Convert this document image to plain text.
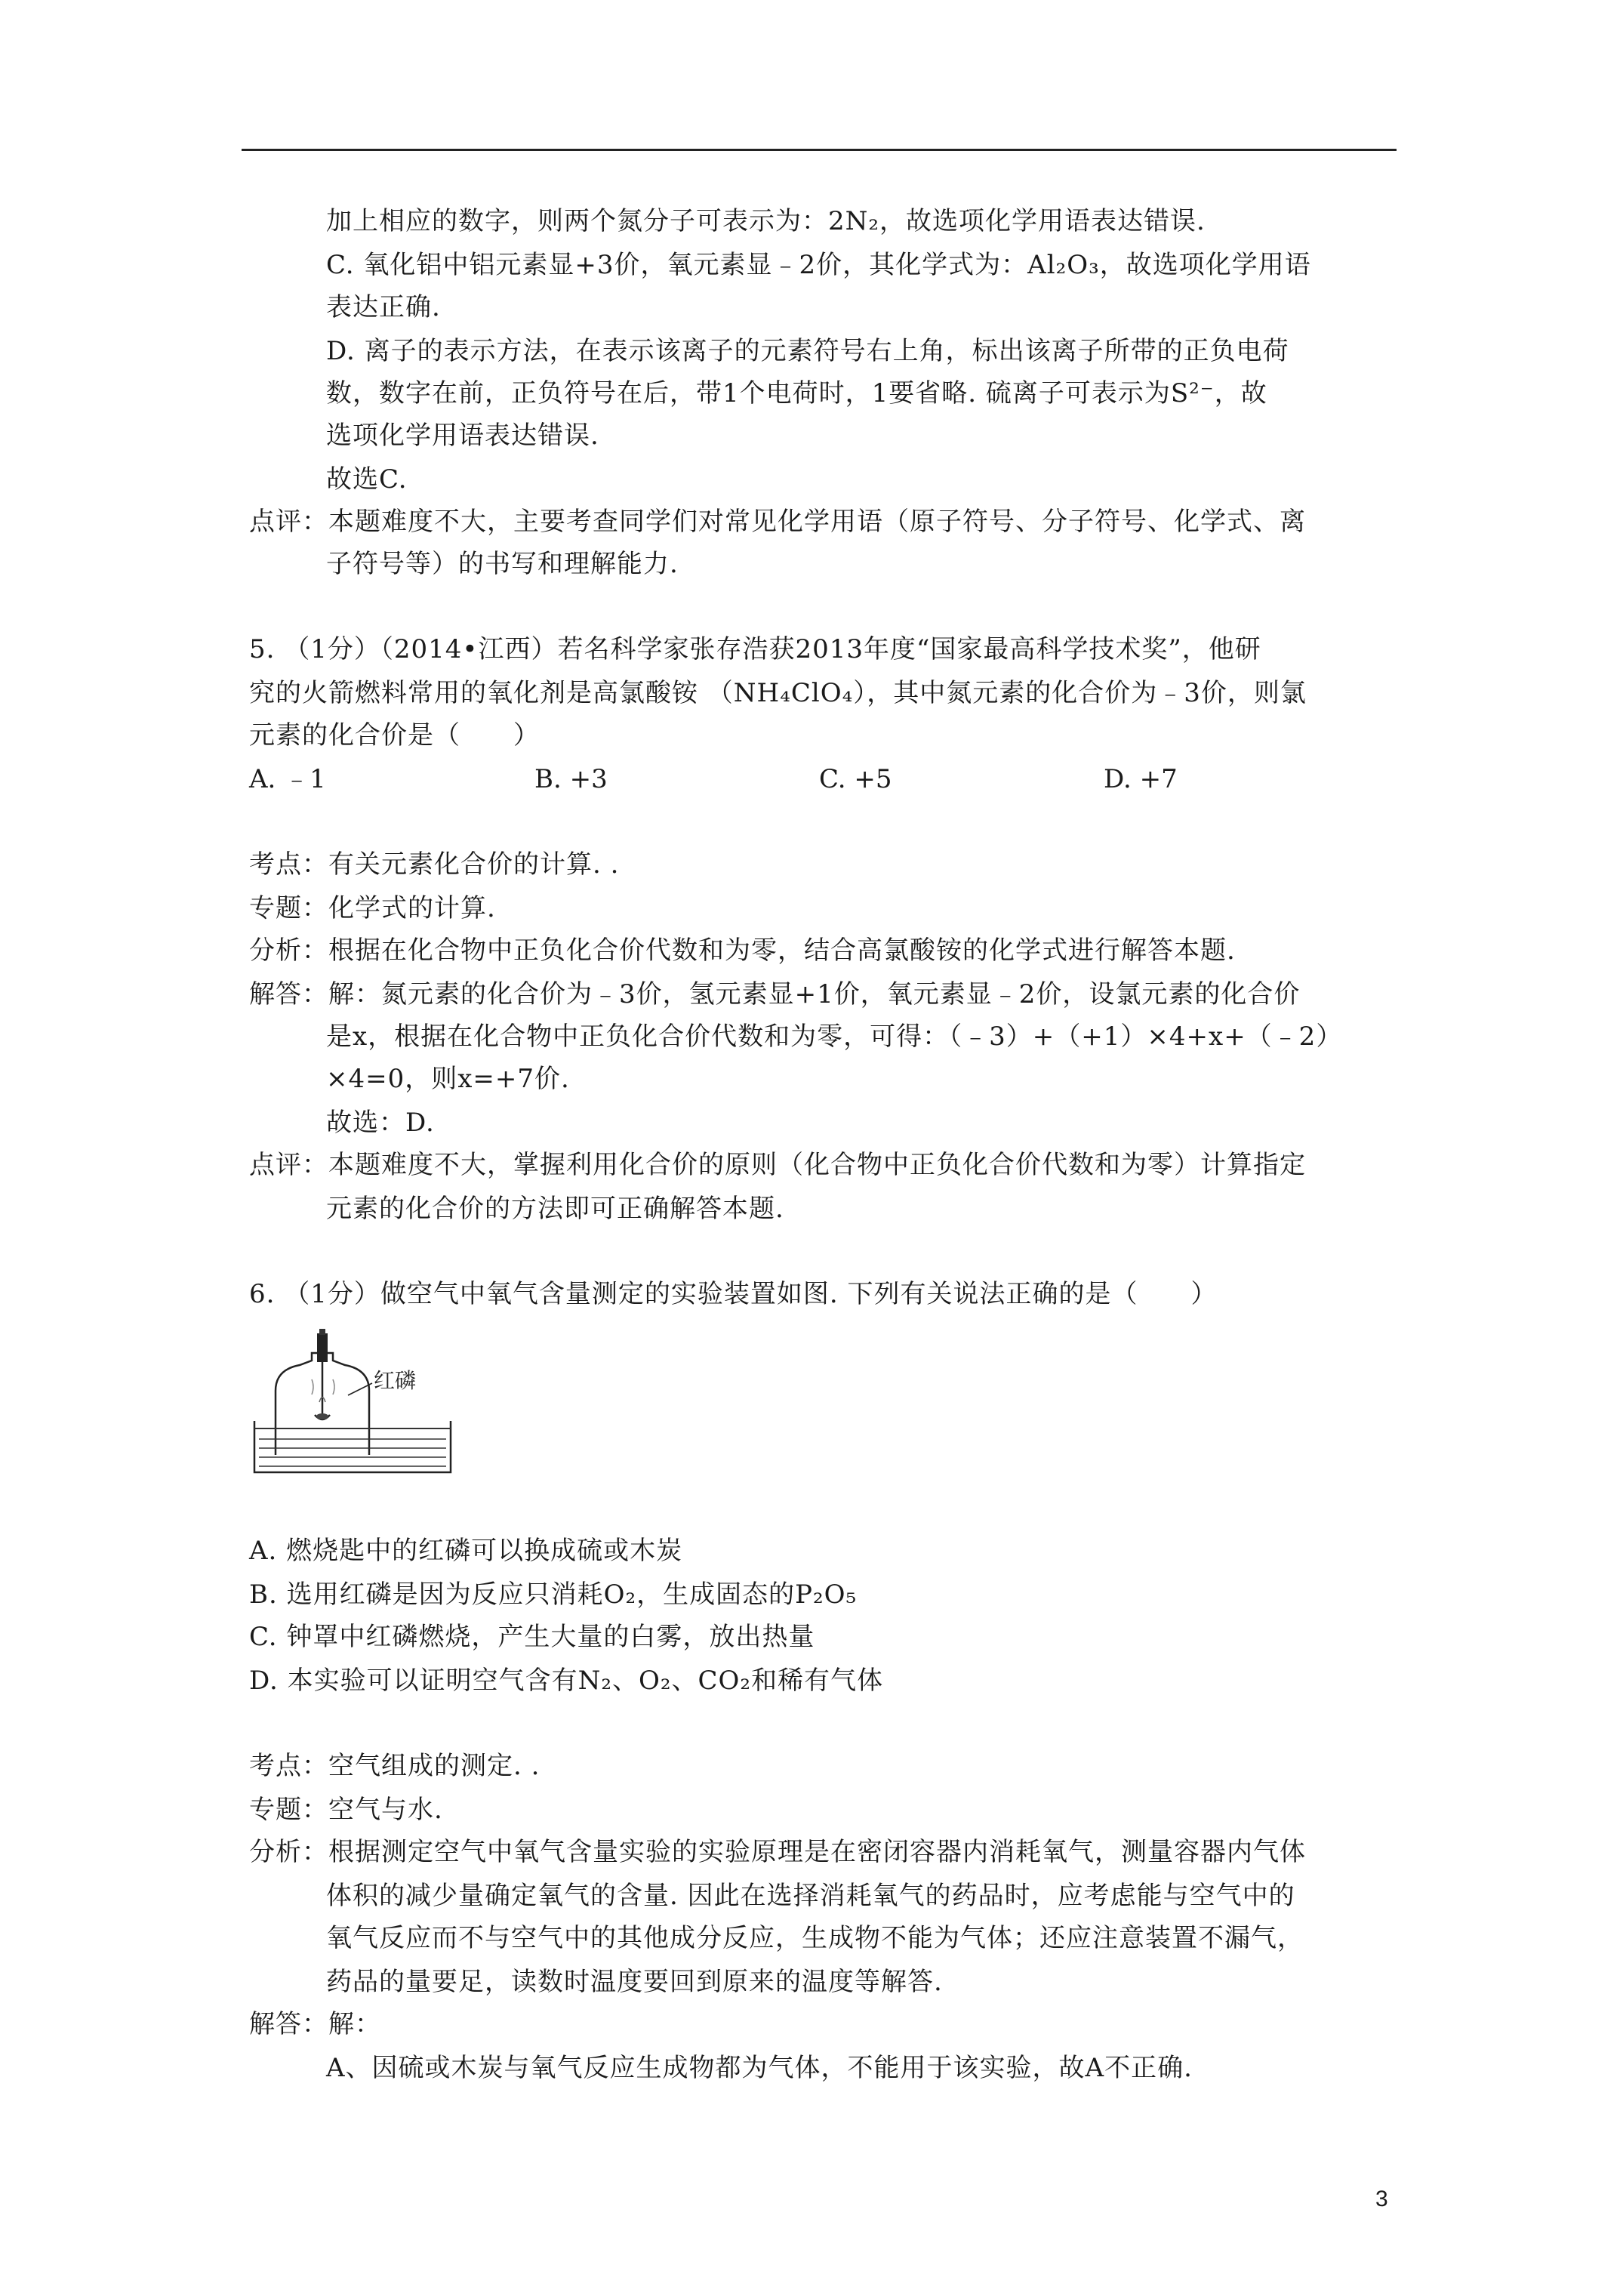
加上相应的数字，则两个氮分子可表示为：2N₂，故选项化学用语表达错误.
C. 氧化铝中铝元素显+3价，氧元素显﹣2价，其化学式为：Al₂O₃，故选项化学用语
表达正确.
D. 离子的表示方法，在表示该离子的元素符号右上角，标出该离子所带的正负电荷
数，数字在前，正负符号在后，带1个电荷时，1要省略. 硫离子可表示为S²⁻，故
选项化学用语表达错误.
故选C.
点评：本题难度不大，主要考查同学们对常见化学用语（原子符号、分子符号、化学式、离
子符号等）的书写和理解能力.
5. （1分）（2014•江西）若名科学家张存浩获2013年度“国家最高科学技术奖”，他研
究的火箭燃料常用的氧化剂是高氯酸铵 （NH₄ClO₄），其中氮元素的化合价为﹣3价，则氯
元素的化合价是（　　）
A. ﹣1	B. +3	C. +5	D. +7
考点：有关元素化合价的计算. .
专题：化学式的计算.
分析：根据在化合物中正负化合价代数和为零，结合高氯酸铵的化学式进行解答本题.
解答：解：氮元素的化合价为﹣3价，氢元素显+1价，氧元素显﹣2价，设氯元素的化合价
是x，根据在化合物中正负化合价代数和为零，可得：（﹣3）+（+1）×4+x+（﹣2）
×4=0，则x=+7价.
故选：D.
点评：本题难度不大，掌握利用化合价的原则（化合物中正负化合价代数和为零）计算指定
元素的化合价的方法即可正确解答本题.
6. （1分）做空气中氧气含量测定的实验装置如图. 下列有关说法正确的是（　　）
红磷
A. 燃烧匙中的红磷可以换成硫或木炭
B. 选用红磷是因为反应只消耗O₂，生成固态的P₂O₅
C. 钟罩中红磷燃烧，产生大量的白雾，放出热量
D. 本实验可以证明空气含有N₂、O₂、CO₂和稀有气体
考点：空气组成的测定. .
专题：空气与水.
分析：根据测定空气中氧气含量实验的实验原理是在密闭容器内消耗氧气，测量容器内气体
体积的减少量确定氧气的含量. 因此在选择消耗氧气的药品时，应考虑能与空气中的
氧气反应而不与空气中的其他成分反应，生成物不能为气体；还应注意装置不漏气，
药品的量要足，读数时温度要回到原来的温度等解答.
解答：解：
A、因硫或木炭与氧气反应生成物都为气体，不能用于该实验，故A不正确.
3
